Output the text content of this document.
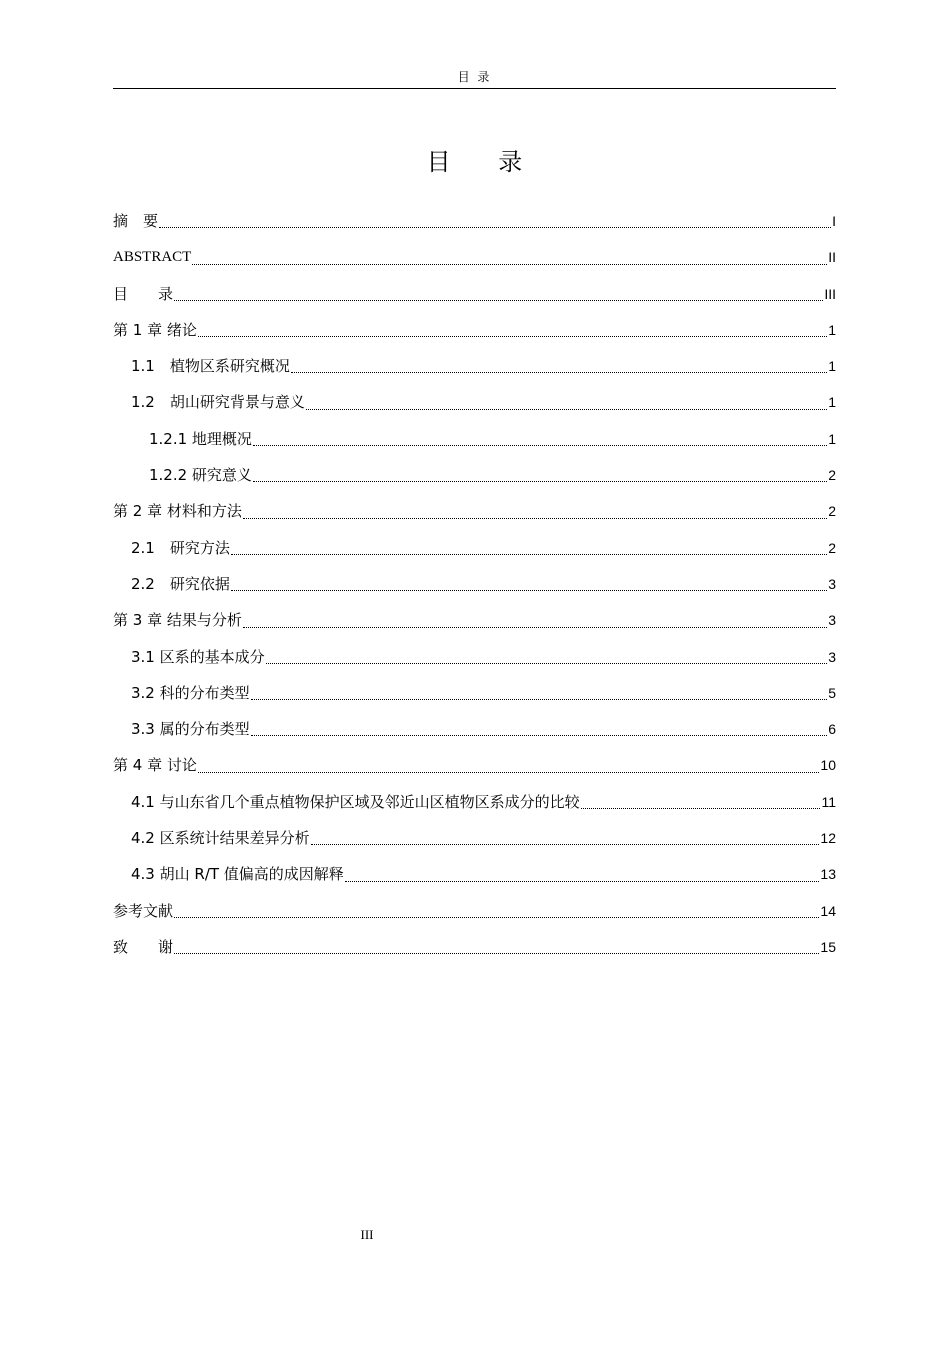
目 录
目 录
摘　要	I
ABSTRACT	II
目　　录	III
第 1 章 绪论	1
1.1　植物区系研究概况	1
1.2　胡山研究背景与意义	1
1.2.1 地理概况	1
1.2.2 研究意义	2
第 2 章 材料和方法	2
2.1　研究方法	2
2.2　研究依据	3
第 3 章 结果与分析	3
3.1 区系的基本成分	3
3.2 科的分布类型	5
3.3 属的分布类型	6
第 4 章 讨论	10
4.1 与山东省几个重点植物保护区域及邻近山区植物区系成分的比较	11
4.2 区系统计结果差异分析	12
4.3 胡山 R/T 值偏高的成因解释	13
参考文献	14
致　　谢	15
III
